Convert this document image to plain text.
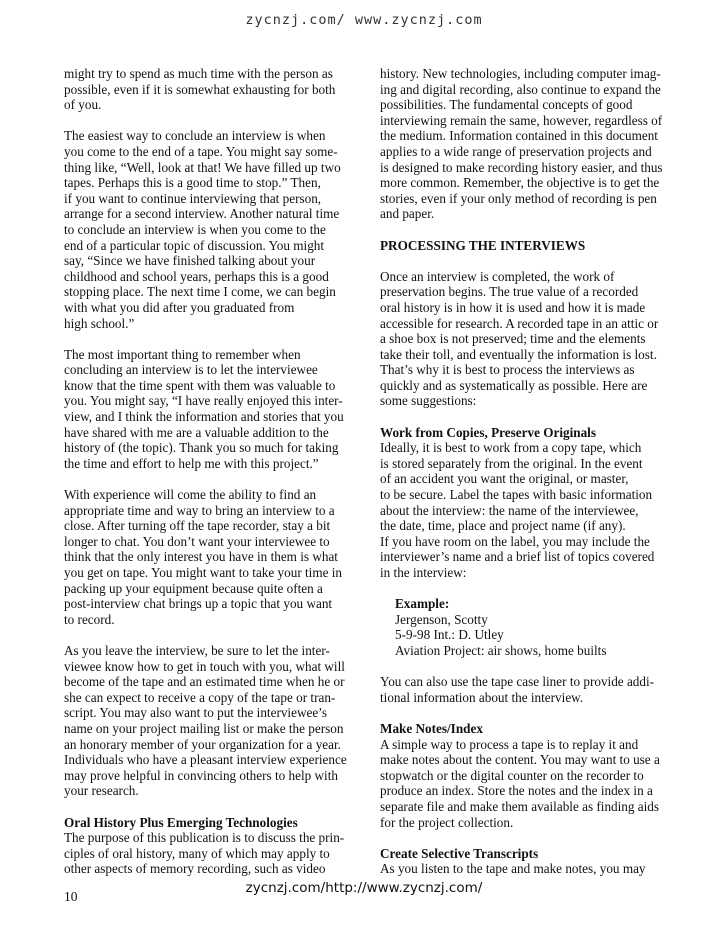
zycnzj.com/ www.zycnzj.com

might try to spend as much time with the person as
possible, even if it is somewhat exhausting for both
of you.

The easiest way to conclude an interview is when
you come to the end of a tape. You might say some-
thing like, “Well, look at that! We have filled up two
tapes. Perhaps this is a good time to stop.” Then,
if you want to continue interviewing that person,
arrange for a second interview. Another natural time
to conclude an interview is when you come to the
end of a particular topic of discussion. You might
say, “Since we have finished talking about your
childhood and school years, perhaps this is a good
stopping place. The next time I come, we can begin
with what you did after you graduated from
high school.”

The most important thing to remember when
concluding an interview is to let the interviewee
know that the time spent with them was valuable to
you. You might say, “I have really enjoyed this inter-
view, and I think the information and stories that you
have shared with me are a valuable addition to the
history of (the topic). Thank you so much for taking
the time and effort to help me with this project.”

With experience will come the ability to find an
appropriate time and way to bring an interview to a
close. After turning off the tape recorder, stay a bit
longer to chat. You don’t want your interviewee to
think that the only interest you have in them is what
you get on tape. You might want to take your time in
packing up your equipment because quite often a
post-interview chat brings up a topic that you want
to record.

As you leave the interview, be sure to let the inter-
viewee know how to get in touch with you, what will
become of the tape and an estimated time when he or
she can expect to receive a copy of the tape or tran-
script. You may also want to put the interviewee’s
name on your project mailing list or make the person
an honorary member of your organization for a year.
Individuals who have a pleasant interview experience
may prove helpful in convincing others to help with
your research.

Oral History Plus Emerging Technologies

The purpose of this publication is to discuss the prin-
ciples of oral history, many of which may apply to
other aspects of memory recording, such as video

history. New technologies, including computer imag-
ing and digital recording, also continue to expand the
possibilities. The fundamental concepts of good
interviewing remain the same, however, regardless of
the medium. Information contained in this document
applies to a wide range of preservation projects and
is designed to make recording history easier, and thus
more common. Remember, the objective is to get the
stories, even if your only method of recording is pen
and paper.

PROCESSING THE INTERVIEWS

Once an interview is completed, the work of
preservation begins. The true value of a recorded
oral history is in how it is used and how it is made
accessible for research. A recorded tape in an attic or
a shoe box is not preserved; time and the elements
take their toll, and eventually the information is lost.
That’s why it is best to process the interviews as
quickly and as systematically as possible. Here are
some suggestions:

Work from Copies, Preserve Originals

Ideally, it is best to work from a copy tape, which
is stored separately from the original. In the event
of an accident you want the original, or master,
to be secure. Label the tapes with basic information
about the interview: the name of the interviewee,
the date, time, place and project name (if any).
If you have room on the label, you may include the
interviewer’s name and a brief list of topics covered
in the interview:

Example:

Jergenson, Scotty
5-9-98 Int.: D. Utley
Aviation Project: air shows, home builts

You can also use the tape case liner to provide addi-
tional information about the interview.

Make Notes/Index

A simple way to process a tape is to replay it and
make notes about the content. You may want to use a
stopwatch or the digital counter on the recorder to
produce an index. Store the notes and the index in a
separate file and make them available as finding aids
for the project collection.

Create Selective Transcripts

As you listen to the tape and make notes, you may

zycnzj.com/http://www.zycnzj.com/
10
